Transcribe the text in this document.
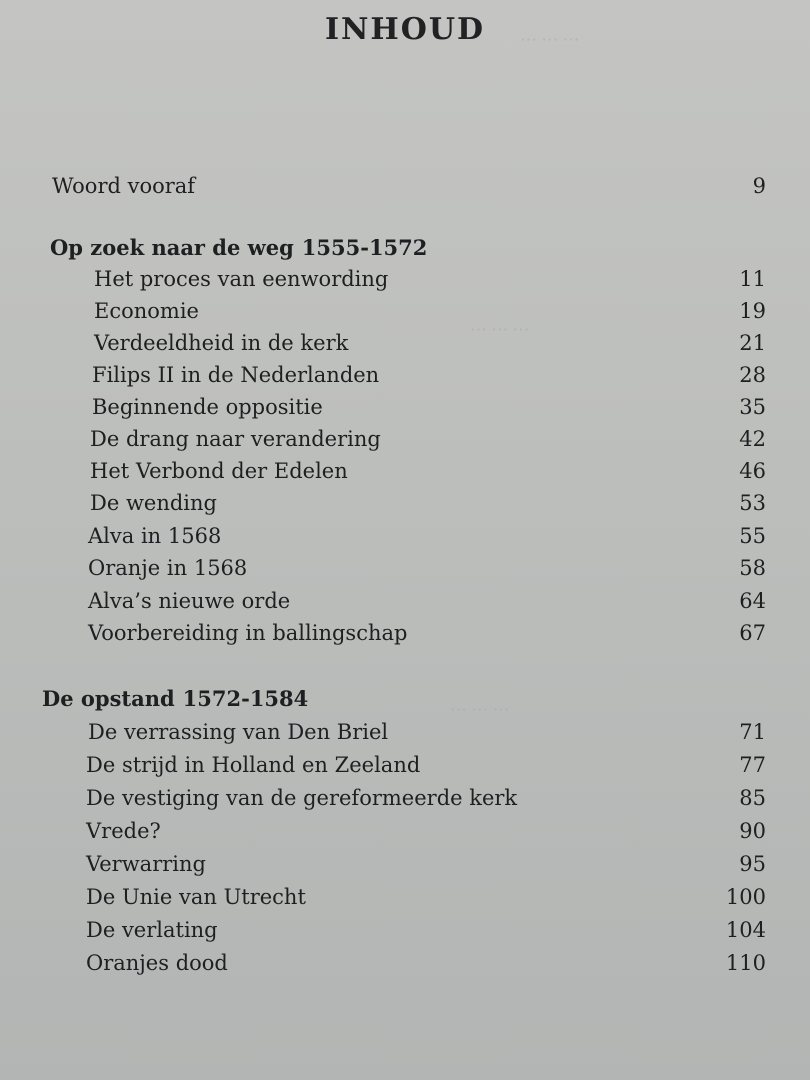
⋯ ⋯ ⋯
⋯ ⋯ ⋯
⋯ ⋯ ⋯
INHOUD
Woord vooraf	9
Op zoek naar de weg 1555-1572
Het proces van eenwording	11
Economie	19
Verdeeldheid in de kerk	21
Filips II in de Nederlanden	28
Beginnende oppositie	35
De drang naar verandering	42
Het Verbond der Edelen	46
De wending	53
Alva in 1568	55
Oranje in 1568	58
Alva’s nieuwe orde	64
Voorbereiding in ballingschap	67
De opstand 1572-1584
De verrassing van Den Briel	71
De strijd in Holland en Zeeland	77
De vestiging van de gereformeerde kerk	85
Vrede?	90
Verwarring	95
De Unie van Utrecht	100
De verlating	104
Oranjes dood	110
